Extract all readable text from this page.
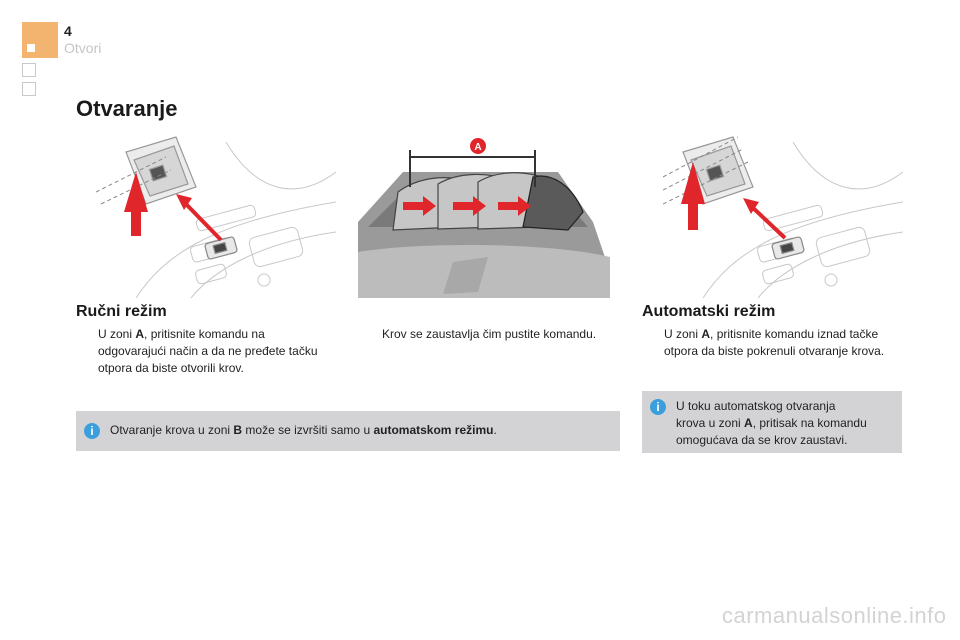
4
Otvori
Otvaranje
A
Ručni režim
U zoni A, pritisnite komandu na
odgovarajući način a da ne pređete tačku
otpora da biste otvorili krov.
Krov se zaustavlja čim pustite komandu.
i	Otvaranje krova u zoni B može se izvršiti samo u automatskom režimu.
Automatski režim
U zoni A, pritisnite komandu iznad tačke
otpora da biste pokrenuli otvaranje krova.
i	U toku automatskog otvaranja
krova u zoni A, pritisak na komandu
omogućava da se krov zaustavi.
carmanualsonline.info
